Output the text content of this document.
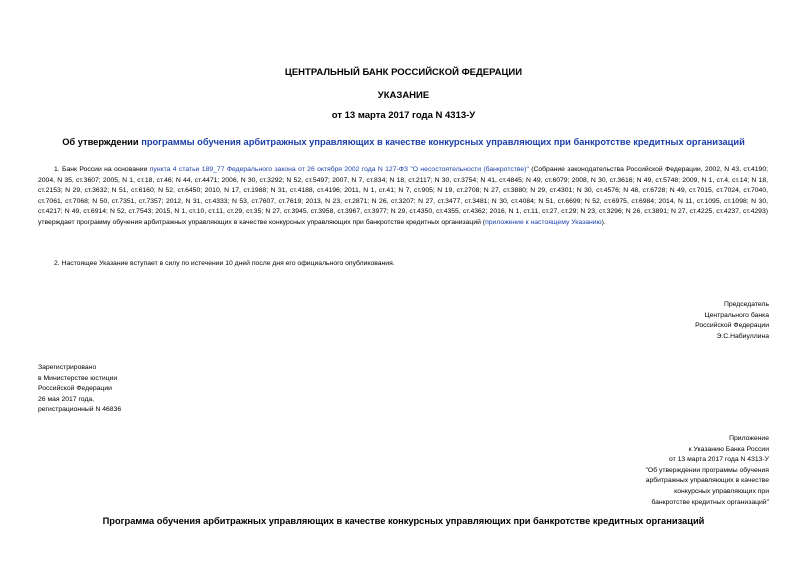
ЦЕНТРАЛЬНЫЙ БАНК РОССИЙСКОЙ ФЕДЕРАЦИИ
УКАЗАНИЕ
от 13 марта 2017 года N 4313-У
Об утверждении программы обучения арбитражных управляющих в качестве конкурсных управляющих при банкротстве кредитных организаций
1. Банк России на основании пункта 4 статьи 189_77 Федерального закона от 26 октября 2002 года N 127-ФЗ "О несостоятельности (банкротстве)" (Собрание законодательства Российской Федерации, 2002, N 43, ст.4190; 2004, N 35, ст.3607; 2005, N 1, ст.18, ст.46; N 44, ст.4471; 2006, N 30, ст.3292; N 52, ст.5497; 2007, N 7, ст.834; N 18, ст.2117; N 30, ст.3754; N 41, ст.4845; N 49, ст.6079; 2008, N 30, ст.3616; N 49, ст.5748; 2009, N 1, ст.4, ст.14; N 18, ст.2153; N 29, ст.3632; N 51, ст.6160; N 52, ст.6450; 2010, N 17, ст.1988; N 31, ст.4188, ст.4196; 2011, N 1, ст.41; N 7, ст.905; N 19, ст.2708; N 27, ст.3880; N 29, ст.4301; N 30, ст.4576; N 48, ст.6728; N 49, ст.7015, ст.7024, ст.7040, ст.7061, ст.7068; N 50, ст.7351, ст.7357; 2012, N 31, ст.4333; N 53, ст.7607, ст.7619; 2013, N 23, ст.2871; N 26, ст.3207; N 27, ст.3477, ст.3481; N 30, ст.4084; N 51, ст.6699; N 52, ст.6975, ст.6984; 2014, N 11, ст.1095, ст.1098; N 30, ст.4217; N 49, ст.6914; N 52, ст.7543; 2015, N 1, ст.10, ст.11, ст.29, ст.35; N 27, ст.3945, ст.3958, ст.3967, ст.3977; N 29, ст.4350, ст.4355, ст.4362; 2016, N 1, ст.11, ст.27, ст.29; N 23, ст.3296; N 26, ст.3891; N 27, ст.4225, ст.4237, ст.4293) утверждает программу обучения арбитражных управляющих в качестве конкурсных управляющих при банкротстве кредитных организаций (приложение к настоящему Указанию).
2. Настоящее Указание вступает в силу по истечении 10 дней после дня его официального опубликования.
Председатель
Центрального банка
Российской Федерации
Э.С.Набиуллина
Зарегистрировано
в Министерстве юстиции
Российской Федерации
26 мая 2017 года,
регистрационный N 46836
Приложение
к Указанию Банка России
от 13 марта 2017 года N 4313-У
"Об утверждении программы обучения
арбитражных управляющих в качестве
конкурсных управляющих при
банкротстве кредитных организаций"
Программа обучения арбитражных управляющих в качестве конкурсных управляющих при банкротстве кредитных организаций
